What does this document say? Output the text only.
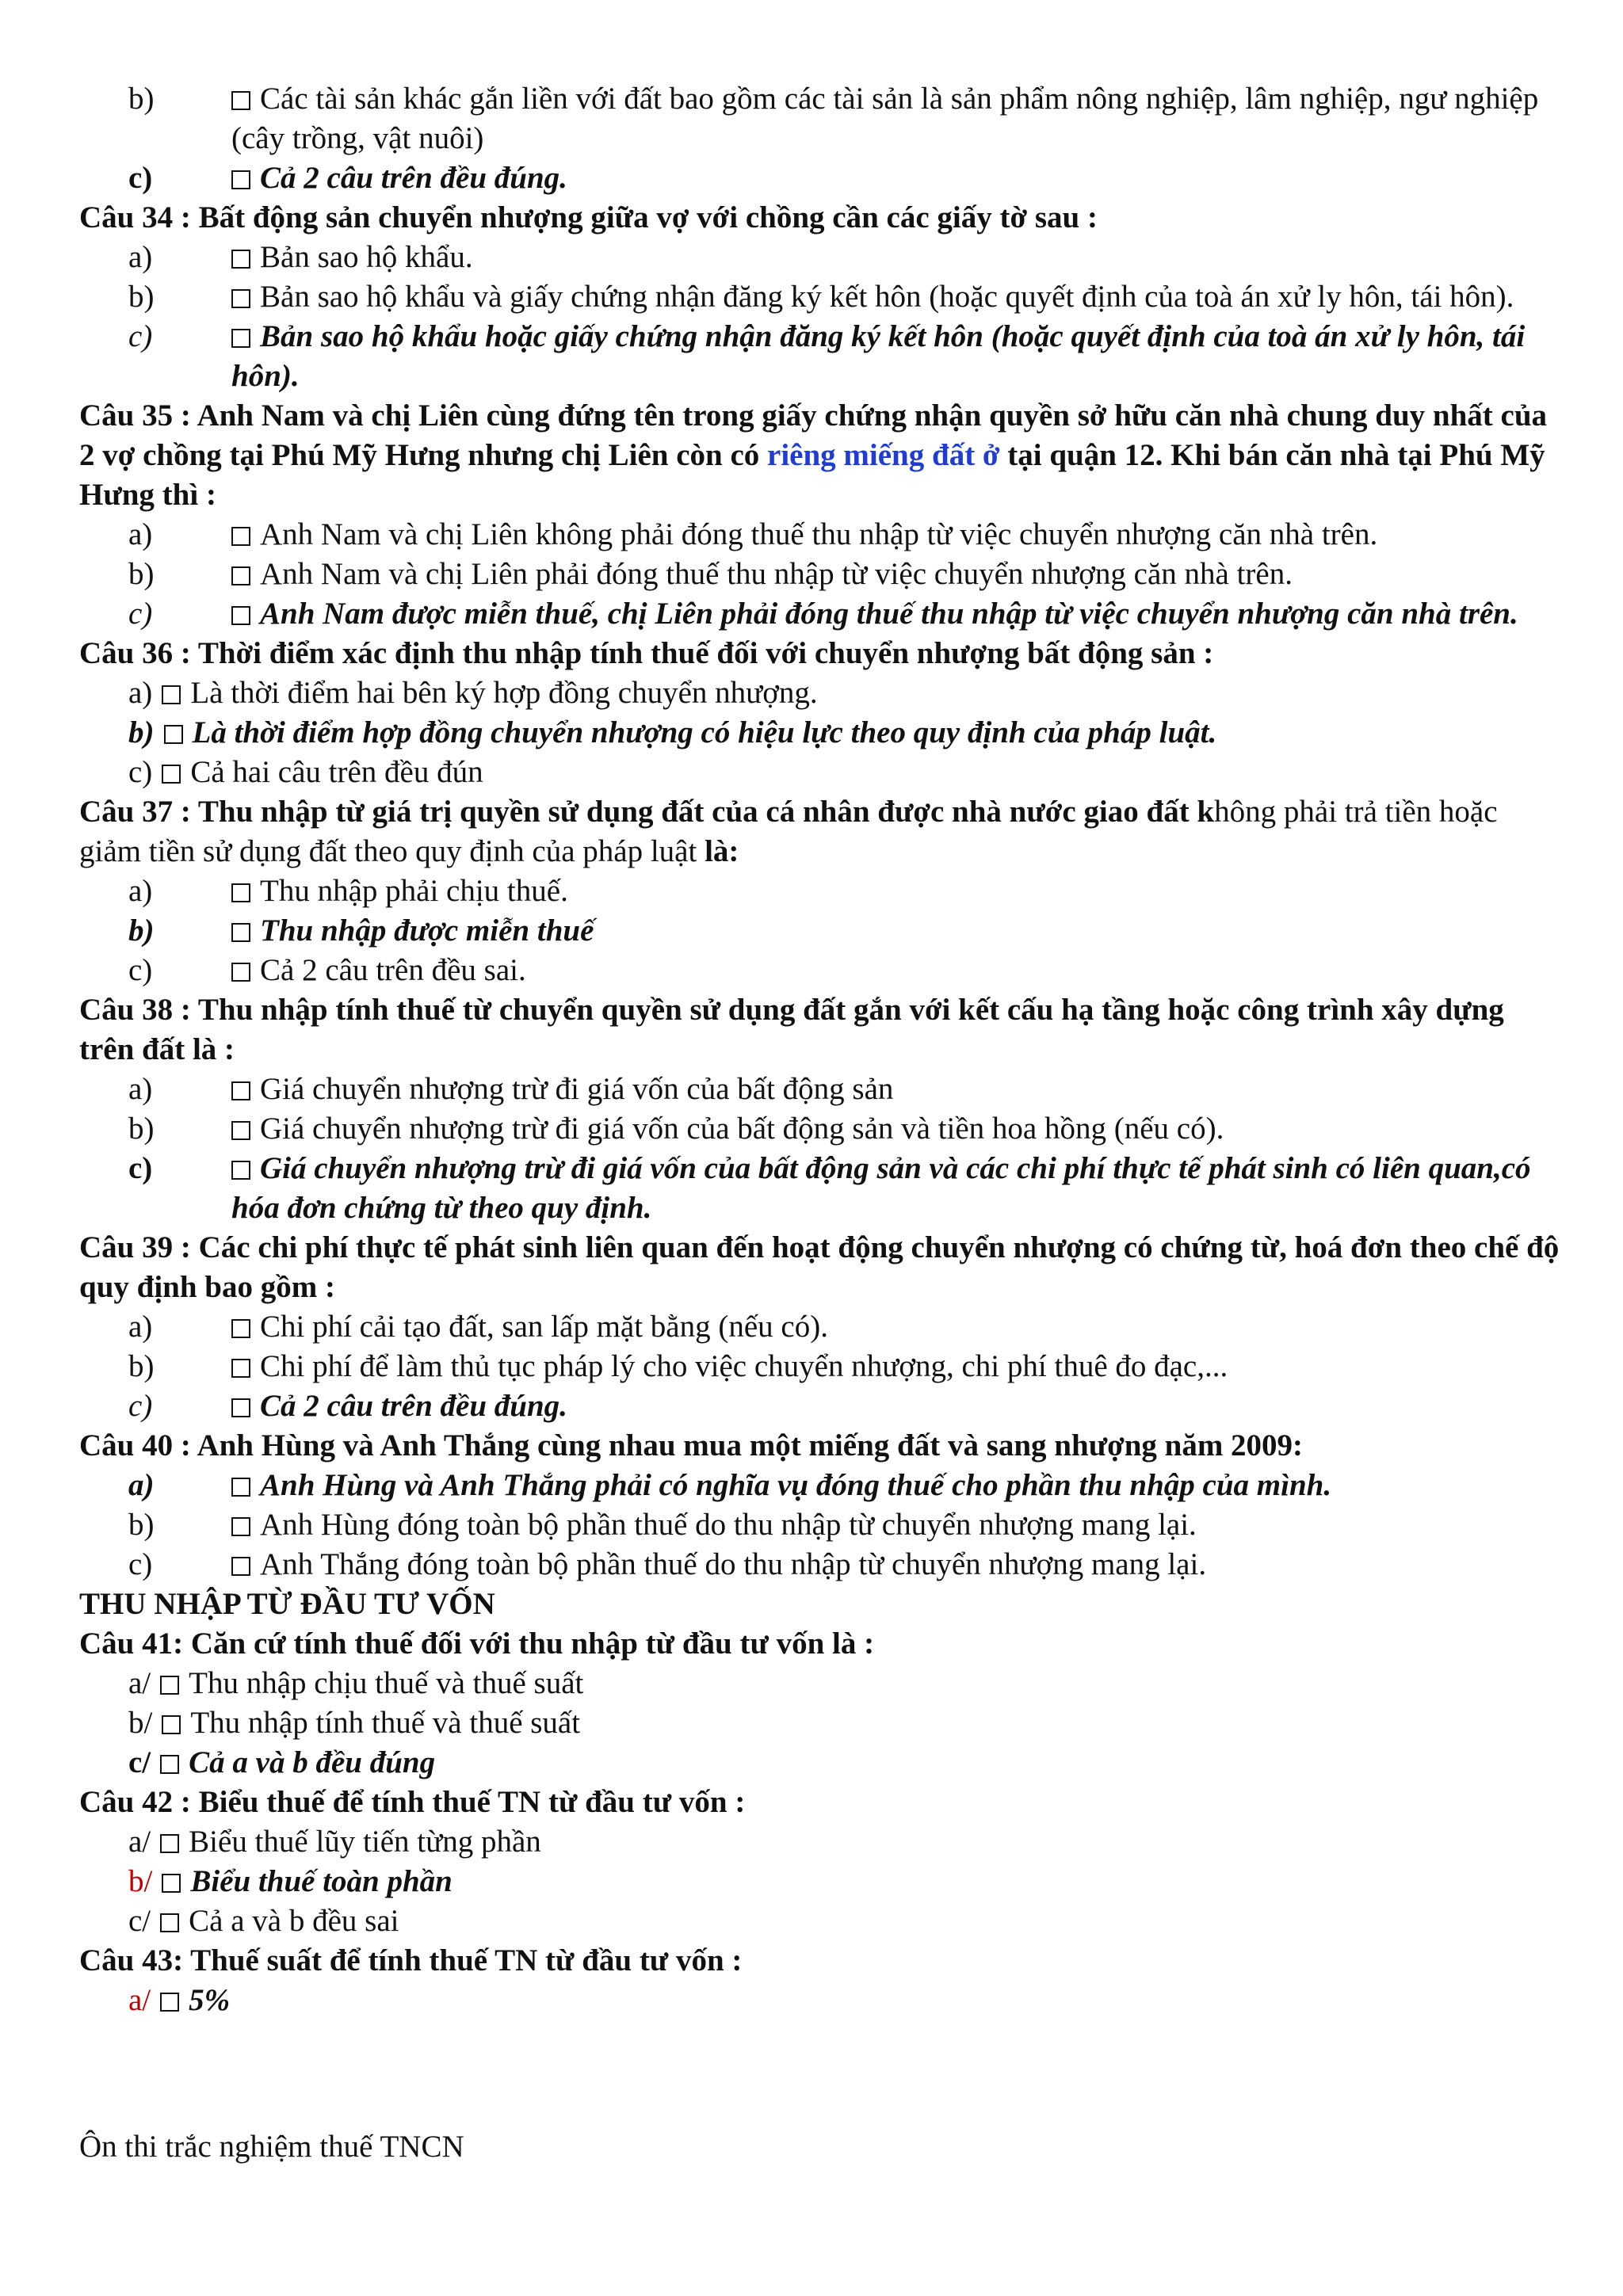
b)	Các tài sản khác gắn liền với đất bao gồm các tài sản là sản phẩm nông nghiệp, lâm nghiệp, ngư nghiệp (cây trồng, vật nuôi)
c)	Cả 2 câu trên đều đúng.

Câu 34 : Bất động sản chuyển nhượng giữa vợ với chồng cần các giấy tờ sau :

a)	Bản sao hộ khẩu.
b)	Bản sao hộ khẩu và giấy chứng nhận đăng ký kết hôn (hoặc quyết định của toà án xử ly hôn, tái hôn).
c)	Bản sao hộ khẩu hoặc giấy chứng nhận đăng ký kết hôn (hoặc quyết định của toà án xử ly hôn, tái hôn).

Câu 35 : Anh Nam và chị Liên cùng đứng tên trong giấy chứng nhận quyền sở hữu căn nhà chung duy nhất của 2 vợ chồng tại Phú Mỹ Hưng nhưng chị Liên còn có riêng miếng đất ở tại quận 12. Khi bán căn nhà tại Phú Mỹ Hưng thì :

a)	Anh Nam và chị Liên không phải đóng thuế thu nhập từ việc chuyển nhượng căn nhà trên.
b)	Anh Nam và chị Liên phải đóng thuế thu nhập từ việc chuyển nhượng căn nhà trên.
c)	Anh Nam được miễn thuế, chị Liên phải đóng thuế thu nhập từ việc chuyển nhượng căn nhà trên.

Câu 36 : Thời điểm xác định thu nhập tính thuế đối với chuyển nhượng bất động sản :

a)	Là thời điểm hai bên ký hợp đồng chuyển nhượng.
b)	Là thời điểm hợp đồng chuyển nhượng có hiệu lực theo quy định của pháp luật.
c)	Cả hai câu trên đều đún

Câu 37 : Thu nhập từ giá trị quyền sử dụng đất của cá nhân được nhà nước giao đất không phải trả tiền hoặc giảm tiền sử dụng đất theo quy định của pháp luật là:

a)	Thu nhập phải chịu thuế.
b)	Thu nhập được miễn thuế
c)	Cả 2 câu trên đều sai.

Câu 38 : Thu nhập tính thuế từ chuyển quyền sử dụng đất gắn với kết cấu hạ tầng hoặc công trình xây dựng trên đất là :

a)	Giá chuyển nhượng trừ đi giá vốn của bất động sản
b)	Giá chuyển nhượng trừ đi giá vốn của bất động sản và tiền hoa hồng (nếu có).
c)	Giá chuyển nhượng trừ đi giá vốn của bất động sản và các chi phí thực tế phát sinh có liên quan,có hóa đơn chứng từ theo quy định.

Câu 39 : Các chi phí thực tế phát sinh liên quan đến hoạt động chuyển nhượng có chứng từ, hoá đơn theo chế độ quy định bao gồm :

a)	Chi phí cải tạo đất, san lấp mặt bằng (nếu có).
b)	Chi phí để làm thủ tục pháp lý cho việc chuyển nhượng, chi phí thuê đo đạc,...
c)	Cả 2 câu trên đều đúng.

Câu 40 : Anh Hùng và Anh Thắng cùng nhau mua một miếng đất và sang nhượng năm 2009:

a)	Anh Hùng và Anh Thắng phải có nghĩa vụ đóng thuế cho phần thu nhập của mình.
b)	Anh Hùng đóng toàn bộ phần thuế do thu nhập từ chuyển nhượng mang lại.
c)	Anh Thắng đóng toàn bộ phần thuế do thu nhập từ chuyển nhượng mang lại.

THU NHẬP TỪ ĐẦU TƯ VỐN

Câu 41: Căn cứ tính thuế đối với thu nhập từ đầu tư vốn là :

a/	Thu nhập chịu thuế và thuế suất
b/	Thu nhập tính thuế và thuế suất
c/	Cả a và b đều đúng

Câu 42 : Biểu thuế để tính thuế TN từ đầu tư vốn :

a/	Biểu thuế lũy tiến từng phần
b/	Biểu thuế toàn phần
c/	Cả a và b đều sai

Câu 43: Thuế suất để tính thuế TN từ đầu tư vốn :

a/	5%

Ôn thi trắc nghiệm thuế TNCN
